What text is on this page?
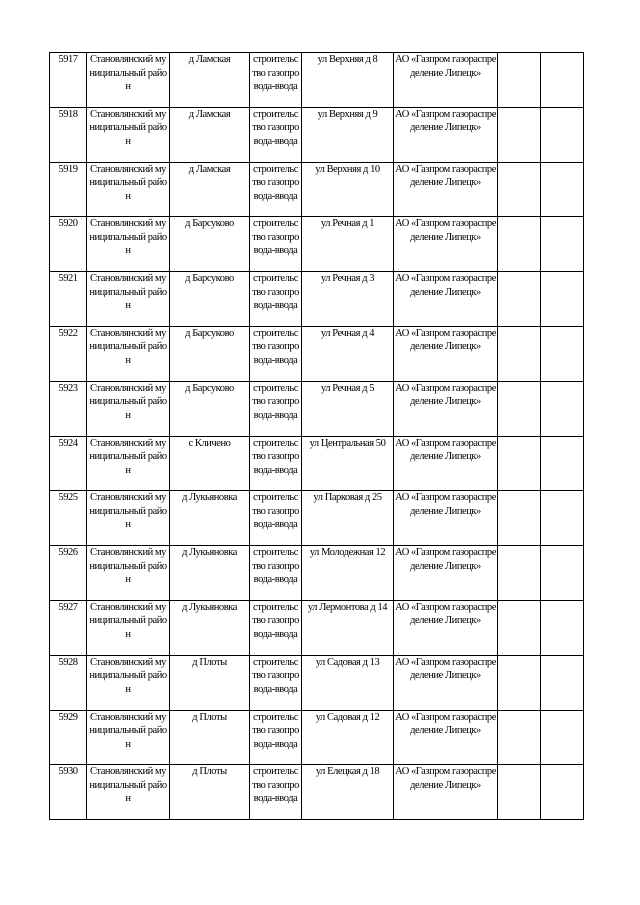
5917	Становлянский муниципальный район	д Ламская	строительство газопровода-ввода	ул Верхняя д 8	АО «Газпром газораспределение Липецк»		
5918	Становлянский муниципальный район	д Ламская	строительство газопровода-ввода	ул Верхняя д 9	АО «Газпром газораспределение Липецк»		
5919	Становлянский муниципальный район	д Ламская	строительство газопровода-ввода	ул Верхняя д 10	АО «Газпром газораспределение Липецк»		
5920	Становлянский муниципальный район	д Барсуково	строительство газопровода-ввода	ул Речная д 1	АО «Газпром газораспределение Липецк»		
5921	Становлянский муниципальный район	д Барсуково	строительство газопровода-ввода	ул Речная д 3	АО «Газпром газораспределение Липецк»		
5922	Становлянский муниципальный район	д Барсуково	строительство газопровода-ввода	ул Речная д 4	АО «Газпром газораспределение Липецк»		
5923	Становлянский муниципальный район	д Барсуково	строительство газопровода-ввода	ул Речная д 5	АО «Газпром газораспределение Липецк»		
5924	Становлянский муниципальный район	с Кличено	строительство газопровода-ввода	ул Центральная 50	АО «Газпром газораспределение Липецк»		
5925	Становлянский муниципальный район	д Лукьяновка	строительство газопровода-ввода	ул Парковая д 25	АО «Газпром газораспределение Липецк»		
5926	Становлянский муниципальный район	д Лукьяновка	строительство газопровода-ввода	ул Молодежная 12	АО «Газпром газораспределение Липецк»		
5927	Становлянский муниципальный район	д Лукьяновка	строительство газопровода-ввода	ул Лермонтова д 14	АО «Газпром газораспределение Липецк»		
5928	Становлянский муниципальный район	д Плоты	строительство газопровода-ввода	ул Садовая д 13	АО «Газпром газораспределение Липецк»		
5929	Становлянский муниципальный район	д Плоты	строительство газопровода-ввода	ул Садовая д 12	АО «Газпром газораспределение Липецк»		
5930	Становлянский муниципальный район	д Плоты	строительство газопровода-ввода	ул Елецкая д 18	АО «Газпром газораспределение Липецк»		
